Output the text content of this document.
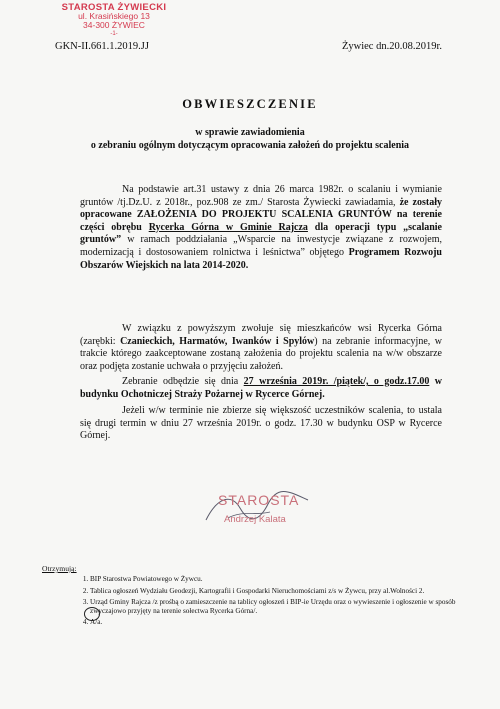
STAROSTA ŻYWIECKI
ul. Krasińskiego 13
34-300 ŻYWIEC
-1-
GKN-II.661.1.2019.JJ	Żywiec dn.20.08.2019r.
OBWIESZCZENIE
w sprawie zawiadomienia
o zebraniu ogólnym dotyczącym opracowania założeń do projektu scalenia
Na podstawie art.31 ustawy z dnia 26 marca 1982r. o scalaniu i wymianie gruntów /tj.Dz.U. z 2018r., poz.908 ze zm./ Starosta Żywiecki zawiadamia, że zostały opracowane ZAŁOŻENIA DO PROJEKTU SCALENIA GRUNTÓW na terenie części obrębu Rycerka Górna w Gminie Rajcza dla operacji typu „scalanie gruntów” w ramach poddziałania „Wsparcie na inwestycje związane z rozwojem, modernizacją i dostosowaniem rolnictwa i leśnictwa” objętego Programem Rozwoju Obszarów Wiejskich na lata 2014-2020.
W związku z powyższym zwołuje się mieszkańców wsi Rycerka Górna (zarębki: Czanieckich, Harmatów, Iwanków i Spylów) na zebranie informacyjne, w trakcie którego zaakceptowane zostaną założenia do projektu scalenia na w/w obszarze oraz podjęta zostanie uchwała o przyjęciu założeń.
Zebranie odbędzie się dnia 27 września 2019r. /piątek/, o godz.17.00 w budynku Ochotniczej Straży Pożarnej w Rycerce Górnej.
Jeżeli w/w terminie nie zbierze się większość uczestników scalenia, to ustala się drugi termin w dniu 27 września 2019r. o godz. 17.30 w budynku OSP w Rycerce Górnej.
STAROSTA
Andrzej Kalata
Otrzymują:
1. BIP Starostwa Powiatowego w Żywcu.
2. Tablica ogłoszeń Wydziału Geodezji, Kartografii i Gospodarki Nieruchomościami z/s w Żywcu, przy al.Wolności 2.
3. Urząd Gminy Rajcza /z prośbą o zamieszczenie na tablicy ogłoszeń i BIP-ie Urzędu oraz o wywieszenie i ogłoszenie w sposób zwyczajowo przyjęty na terenie sołectwa Rycerka Górna/.
4. A/a.
